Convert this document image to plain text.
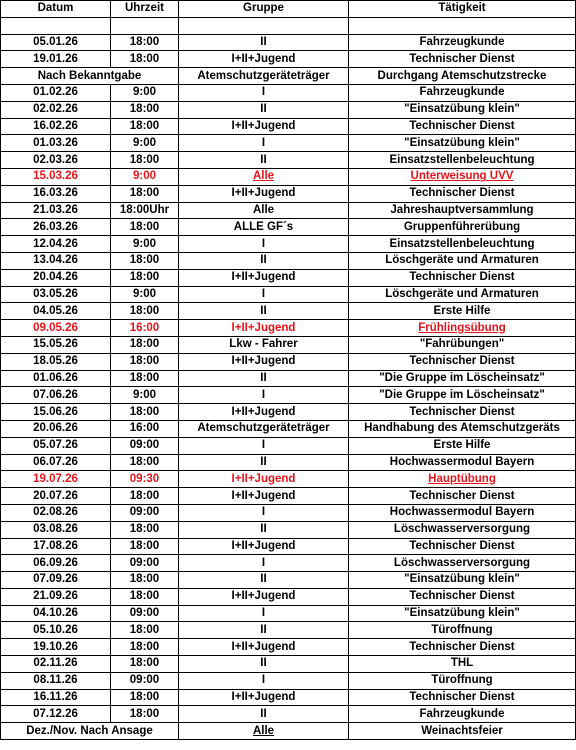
Datum	Uhrzeit	Gruppe	Tätigkeit

05.01.26	18:00	II	Fahrzeugkunde
19.01.26	18:00	I+II+Jugend	Technischer Dienst
Nach Bekanntgabe		Atemschutzgeräteträger	Durchgang Atemschutzstrecke
01.02.26	9:00	I	Fahrzeugkunde
02.02.26	18:00	II	"Einsatzübung klein"
16.02.26	18:00	I+II+Jugend	Technischer Dienst
01.03.26	9:00	I	"Einsatzübung klein"
02.03.26	18:00	II	Einsatzstellenbeleuchtung
15.03.26	9:00	Alle	Unterweisung UVV
16.03.26	18:00	I+II+Jugend	Technischer Dienst
21.03.26	18:00Uhr	Alle	Jahreshauptversammlung
26.03.26	18:00	ALLE GF´s	Gruppenführerübung
12.04.26	9:00	I	Einsatzstellenbeleuchtung
13.04.26	18:00	II	Löschgeräte und Armaturen
20.04.26	18:00	I+II+Jugend	Technischer Dienst
03.05.26	9:00	I	Löschgeräte und Armaturen
04.05.26	18:00	II	Erste Hilfe
09.05.26	16:00	I+II+Jugend	Frühlingsübung
15.05.26	18:00	Lkw - Fahrer	"Fahrübungen"
18.05.26	18:00	I+II+Jugend	Technischer Dienst
01.06.26	18:00	II	"Die Gruppe im Löscheinsatz"
07.06.26	9:00	I	"Die Gruppe im Löscheinsatz"
15.06.26	18:00	I+II+Jugend	Technischer Dienst
20.06.26	16:00	Atemschutzgeräteträger	Handhabung des Atemschutzgeräts
05.07.26	09:00	I	Erste Hilfe
06.07.26	18:00	II	Hochwassermodul Bayern
19.07.26	09:30	I+II+Jugend	Hauptübung
20.07.26	18:00	I+II+Jugend	Technischer Dienst
02.08.26	09:00	I	Hochwassermodul Bayern
03.08.26	18:00	II	Löschwasserversorgung
17.08.26	18:00	I+II+Jugend	Technischer Dienst
06.09.26	09:00	I	Löschwasserversorgung
07.09.26	18:00	II	"Einsatzübung klein"
21.09.26	18:00	I+II+Jugend	Technischer Dienst
04.10.26	09:00	I	"Einsatzübung klein"
05.10.26	18:00	II	Türoffnung
19.10.26	18:00	I+II+Jugend	Technischer Dienst
02.11.26	18:00	II	THL
08.11.26	09:00	I	Türoffnung
16.11.26	18:00	I+II+Jugend	Technischer Dienst
07.12.26	18:00	II	Fahrzeugkunde
Dez./Nov. Nach Ansage		Alle	Weinachtsfeier
